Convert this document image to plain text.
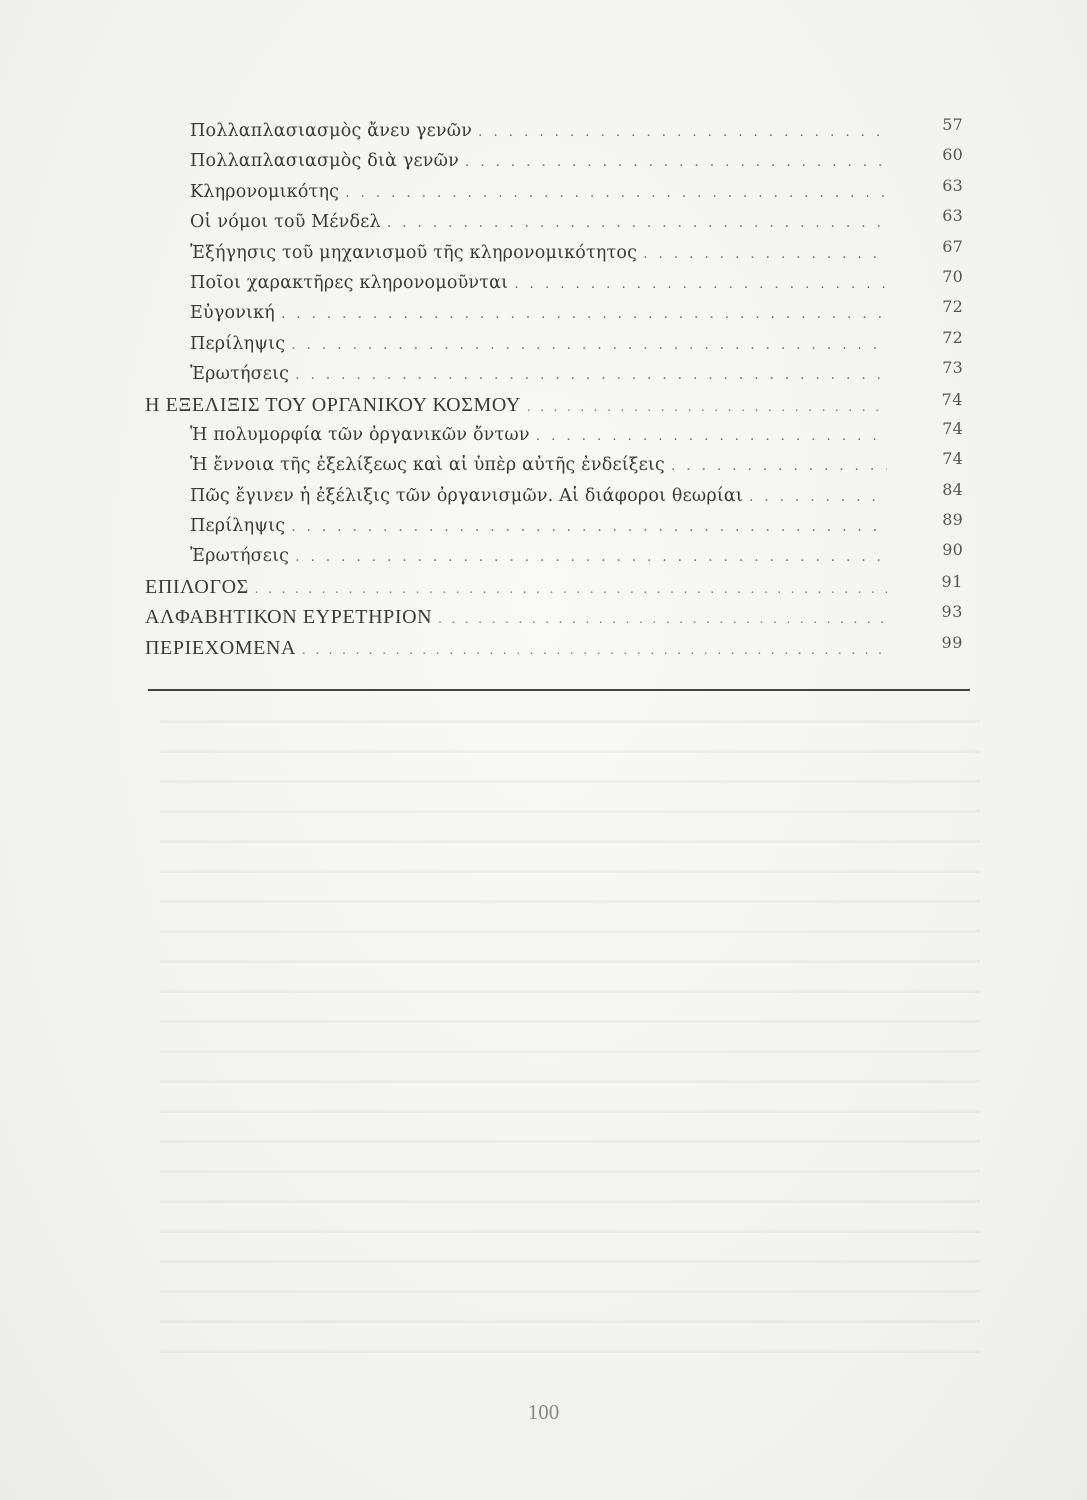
Πολλαπλασιασμὸς ἄνευ γενῶν . . .	57
Πολλαπλασιασμὸς διὰ γενῶν . . .	60
Κληρονομικότης . . .	63
Οἱ νόμοι τοῦ Μένδελ . . .	63
Ἐξήγησις τοῦ μηχανισμοῦ τῆς κληρονομικότητος . . .	67
Ποῖοι χαρακτῆρες κληρονομοῦνται . . .	70
Εὐγονική . . .	72
Περίληψις . . .	72
Ἐρωτήσεις . . .	73
Η ΕΞΕΛΙΞΙΣ ΤΟΥ ΟΡΓΑΝΙΚΟΥ ΚΟΣΜΟΥ . . .	74
Ἡ πολυμορφία τῶν ὀργανικῶν ὄντων . . .	74
Ἡ ἔννοια τῆς ἐξελίξεως καὶ αἱ ὑπὲρ αὐτῆς ἐνδείξεις . . .	74
Πῶς ἔγινεν ἡ ἐξέλιξις τῶν ὀργανισμῶν. Αἱ διάφοροι θεωρίαι . . .	84
Περίληψις . . .	89
Ἐρωτήσεις . . .	90
ΕΠΙΛΟΓΟΣ . . .	91
ΑΛΦΑΒΗΤΙΚΟΝ ΕΥΡΕΤΗΡΙΟΝ . . .	93
ΠΕΡΙΕΧΟΜΕΝΑ . . .	99
100
